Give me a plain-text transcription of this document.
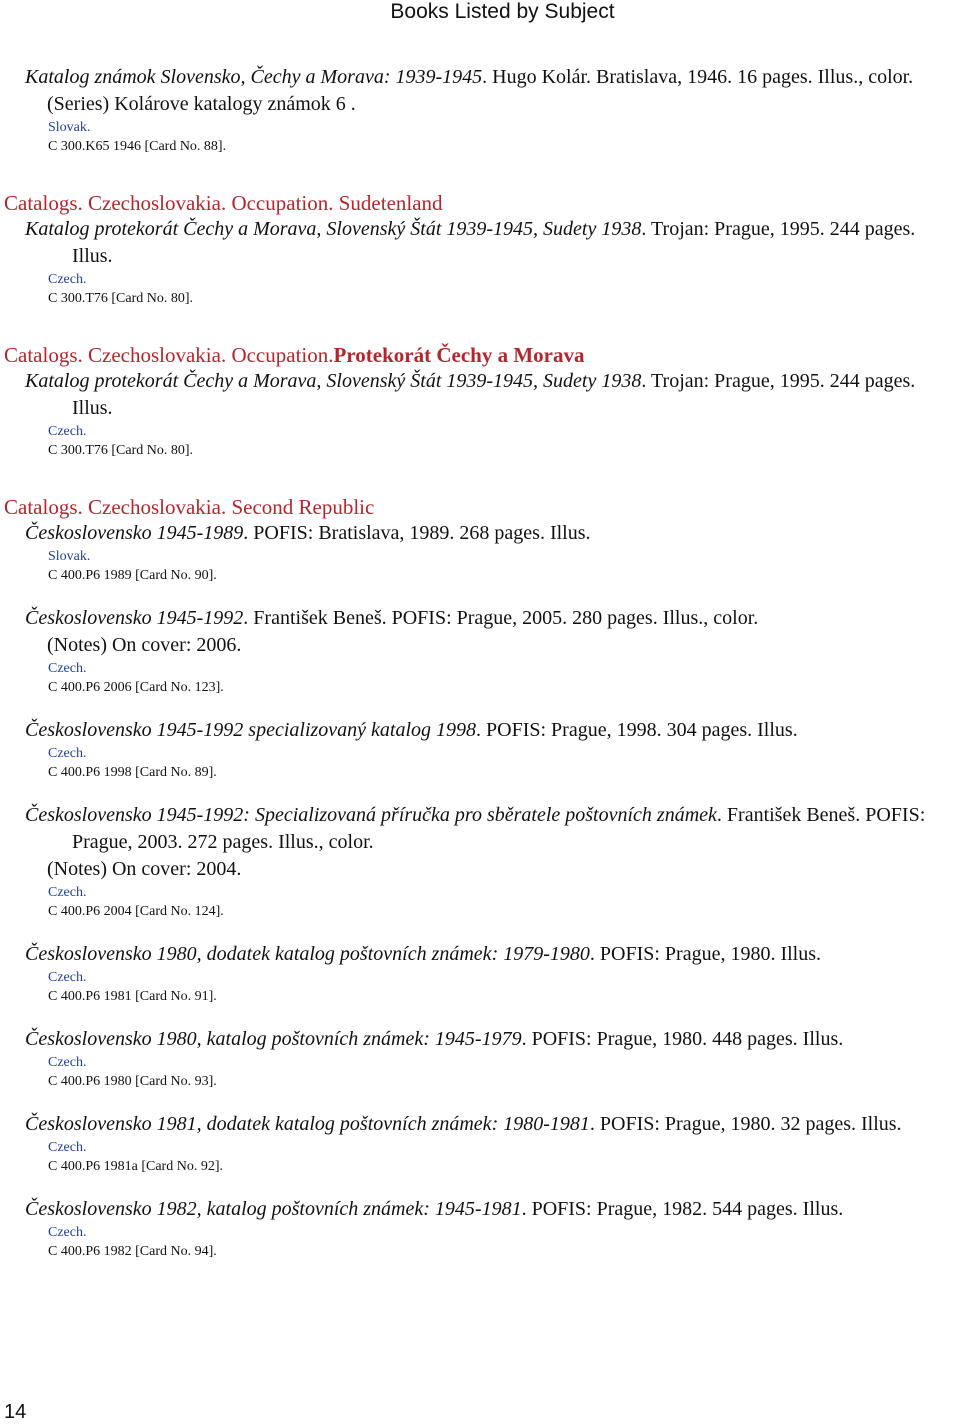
Books Listed by Subject

Katalog známok Slovensko, Čechy a Morava: 1939-1945. Hugo Kolár. Bratislava, 1946. 16 pages. Illus., color.

(Series) Kolárove katalogy známok 6 .

Slovak.

C 300.K65 1946 [Card No. 88].

Catalogs. Czechoslovakia. Occupation. Sudetenland

Katalog protekorát Čechy a Morava, Slovenský Štát 1939-1945, Sudety 1938. Trojan: Prague, 1995. 244 pages. Illus.

Czech.

C 300.T76 [Card No. 80].

Catalogs. Czechoslovakia. Occupation.Protekorát Čechy a Morava

Katalog protekorát Čechy a Morava, Slovenský Štát 1939-1945, Sudety 1938. Trojan: Prague, 1995. 244 pages. Illus.

Czech.

C 300.T76 [Card No. 80].

Catalogs. Czechoslovakia. Second Republic

Československo 1945-1989. POFIS: Bratislava, 1989. 268 pages. Illus.

Slovak.

C 400.P6 1989 [Card No. 90].

Československo 1945-1992. František Beneš. POFIS: Prague, 2005. 280 pages. Illus., color.

(Notes) On cover: 2006.

Czech.

C 400.P6 2006 [Card No. 123].

Československo 1945-1992 specializovaný katalog 1998. POFIS: Prague, 1998. 304 pages. Illus.

Czech.

C 400.P6 1998 [Card No. 89].

Československo 1945-1992: Specializovaná příručka pro sběratele poštovních známek. František Beneš. POFIS: Prague, 2003. 272 pages. Illus., color.

(Notes) On cover: 2004.

Czech.

C 400.P6 2004 [Card No. 124].

Československo 1980, dodatek katalog poštovních známek: 1979-1980. POFIS: Prague, 1980. Illus.

Czech.

C 400.P6 1981 [Card No. 91].

Československo 1980, katalog poštovních známek: 1945-1979. POFIS: Prague, 1980. 448 pages. Illus.

Czech.

C 400.P6 1980 [Card No. 93].

Československo 1981, dodatek katalog poštovních známek: 1980-1981. POFIS: Prague, 1980. 32 pages. Illus.

Czech.

C 400.P6 1981a [Card No. 92].

Československo 1982, katalog poštovních známek: 1945-1981. POFIS: Prague, 1982. 544 pages. Illus.

Czech.

C 400.P6 1982 [Card No. 94].

14
